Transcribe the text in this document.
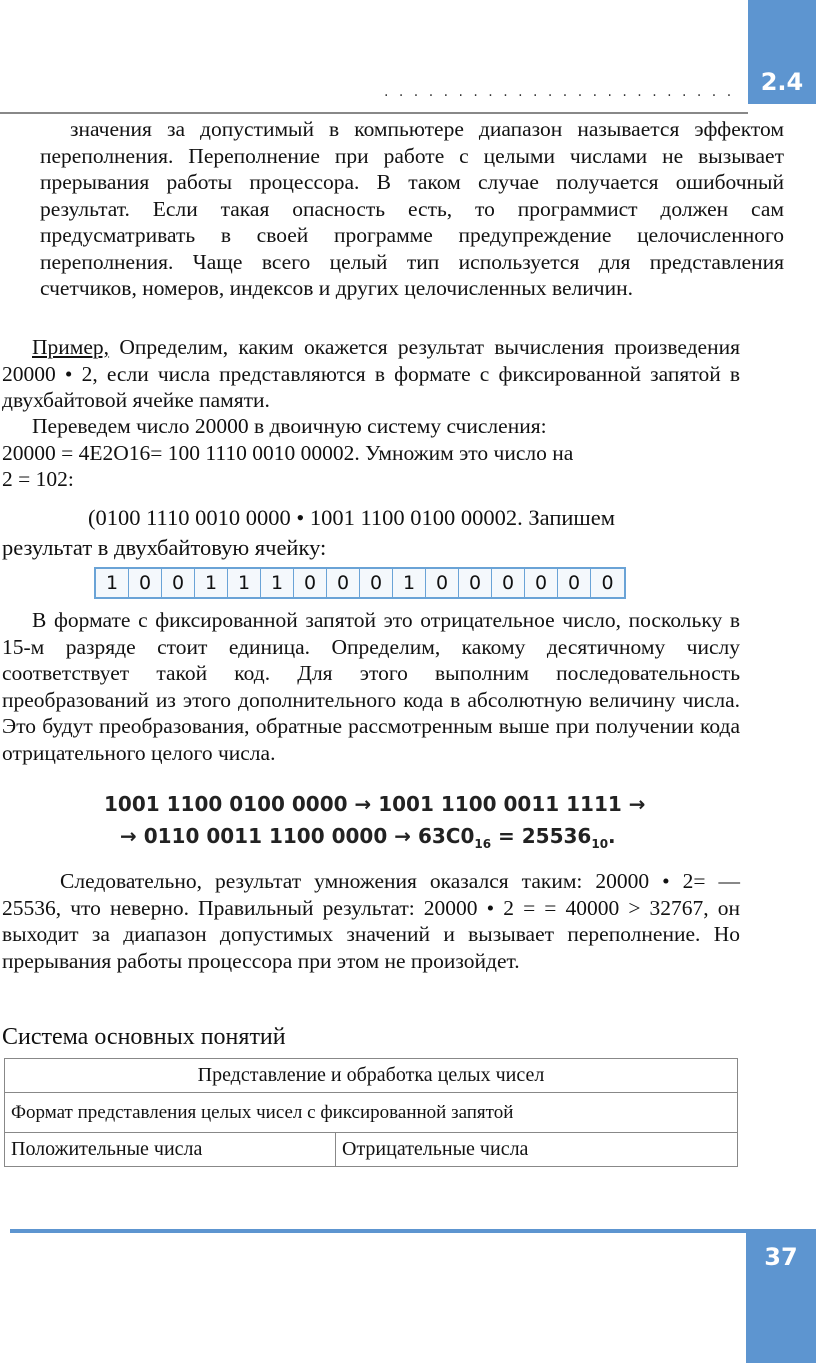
2.4
. . . . . . . . . . . . . . . . . . . . . . . .

значения за допустимый в компьютере диапазон называется эффектом переполнения. Переполнение при работе с целыми числами не вызывает прерывания работы процессора. В таком случае получается ошибочный результат. Если такая опасность есть, то программист должен сам предусматривать в своей программе предупреждение целочисленного переполнения. Чаще всего целый тип используется для представления счетчиков, номеров, индексов и других целочисленных величин.

Пример, Определим, каким окажется результат вычисления произведения 20000 • 2, если числа представляются в формате с фиксированной запятой в двухбайтовой ячейке памяти.

Переведем число 20000 в двоичную систему счисления:
20000 = 4E2O16= 100 1110 0010 00002. Умножим это число на
2 = 102:
(0100 1110 0010 0000 • 1001 1100 0100 00002. Запишем
результат в двухбайтовую ячейку:
1	0	0	1	1	1	0	0	0	1	0	0	0	0	0	0

В формате с фиксированной запятой это отрицательное число, поскольку в 15-м разряде стоит единица. Определим, какому десятичному числу соответствует такой код. Для этого выполним последовательность преобразований из этого дополнительного кода в абсолютную величину числа. Это будут преобразования, обратные рассмотренным выше при получении кода отрицательного целого числа.

1001 1100 0100 0000 → 1001 1100 0011 1111 →
→ 0110 0011 1100 $0000 \to 63C0_{16} = 25536_{10}$.

Следовательно, результат умножения оказался таким: 20000 • 2= — 25536, что неверно. Правильный результат: 20000 • 2 = = 40000 > 32767, он выходит за диапазон допустимых значений и вызывает переполнение. Но прерывания работы процессора при этом не произойдет.

Система основных понятий
Представление и обработка целых чисел
Формат представления целых чисел с фиксированной запятой
Положительные числа	Отрицательные числа
37
